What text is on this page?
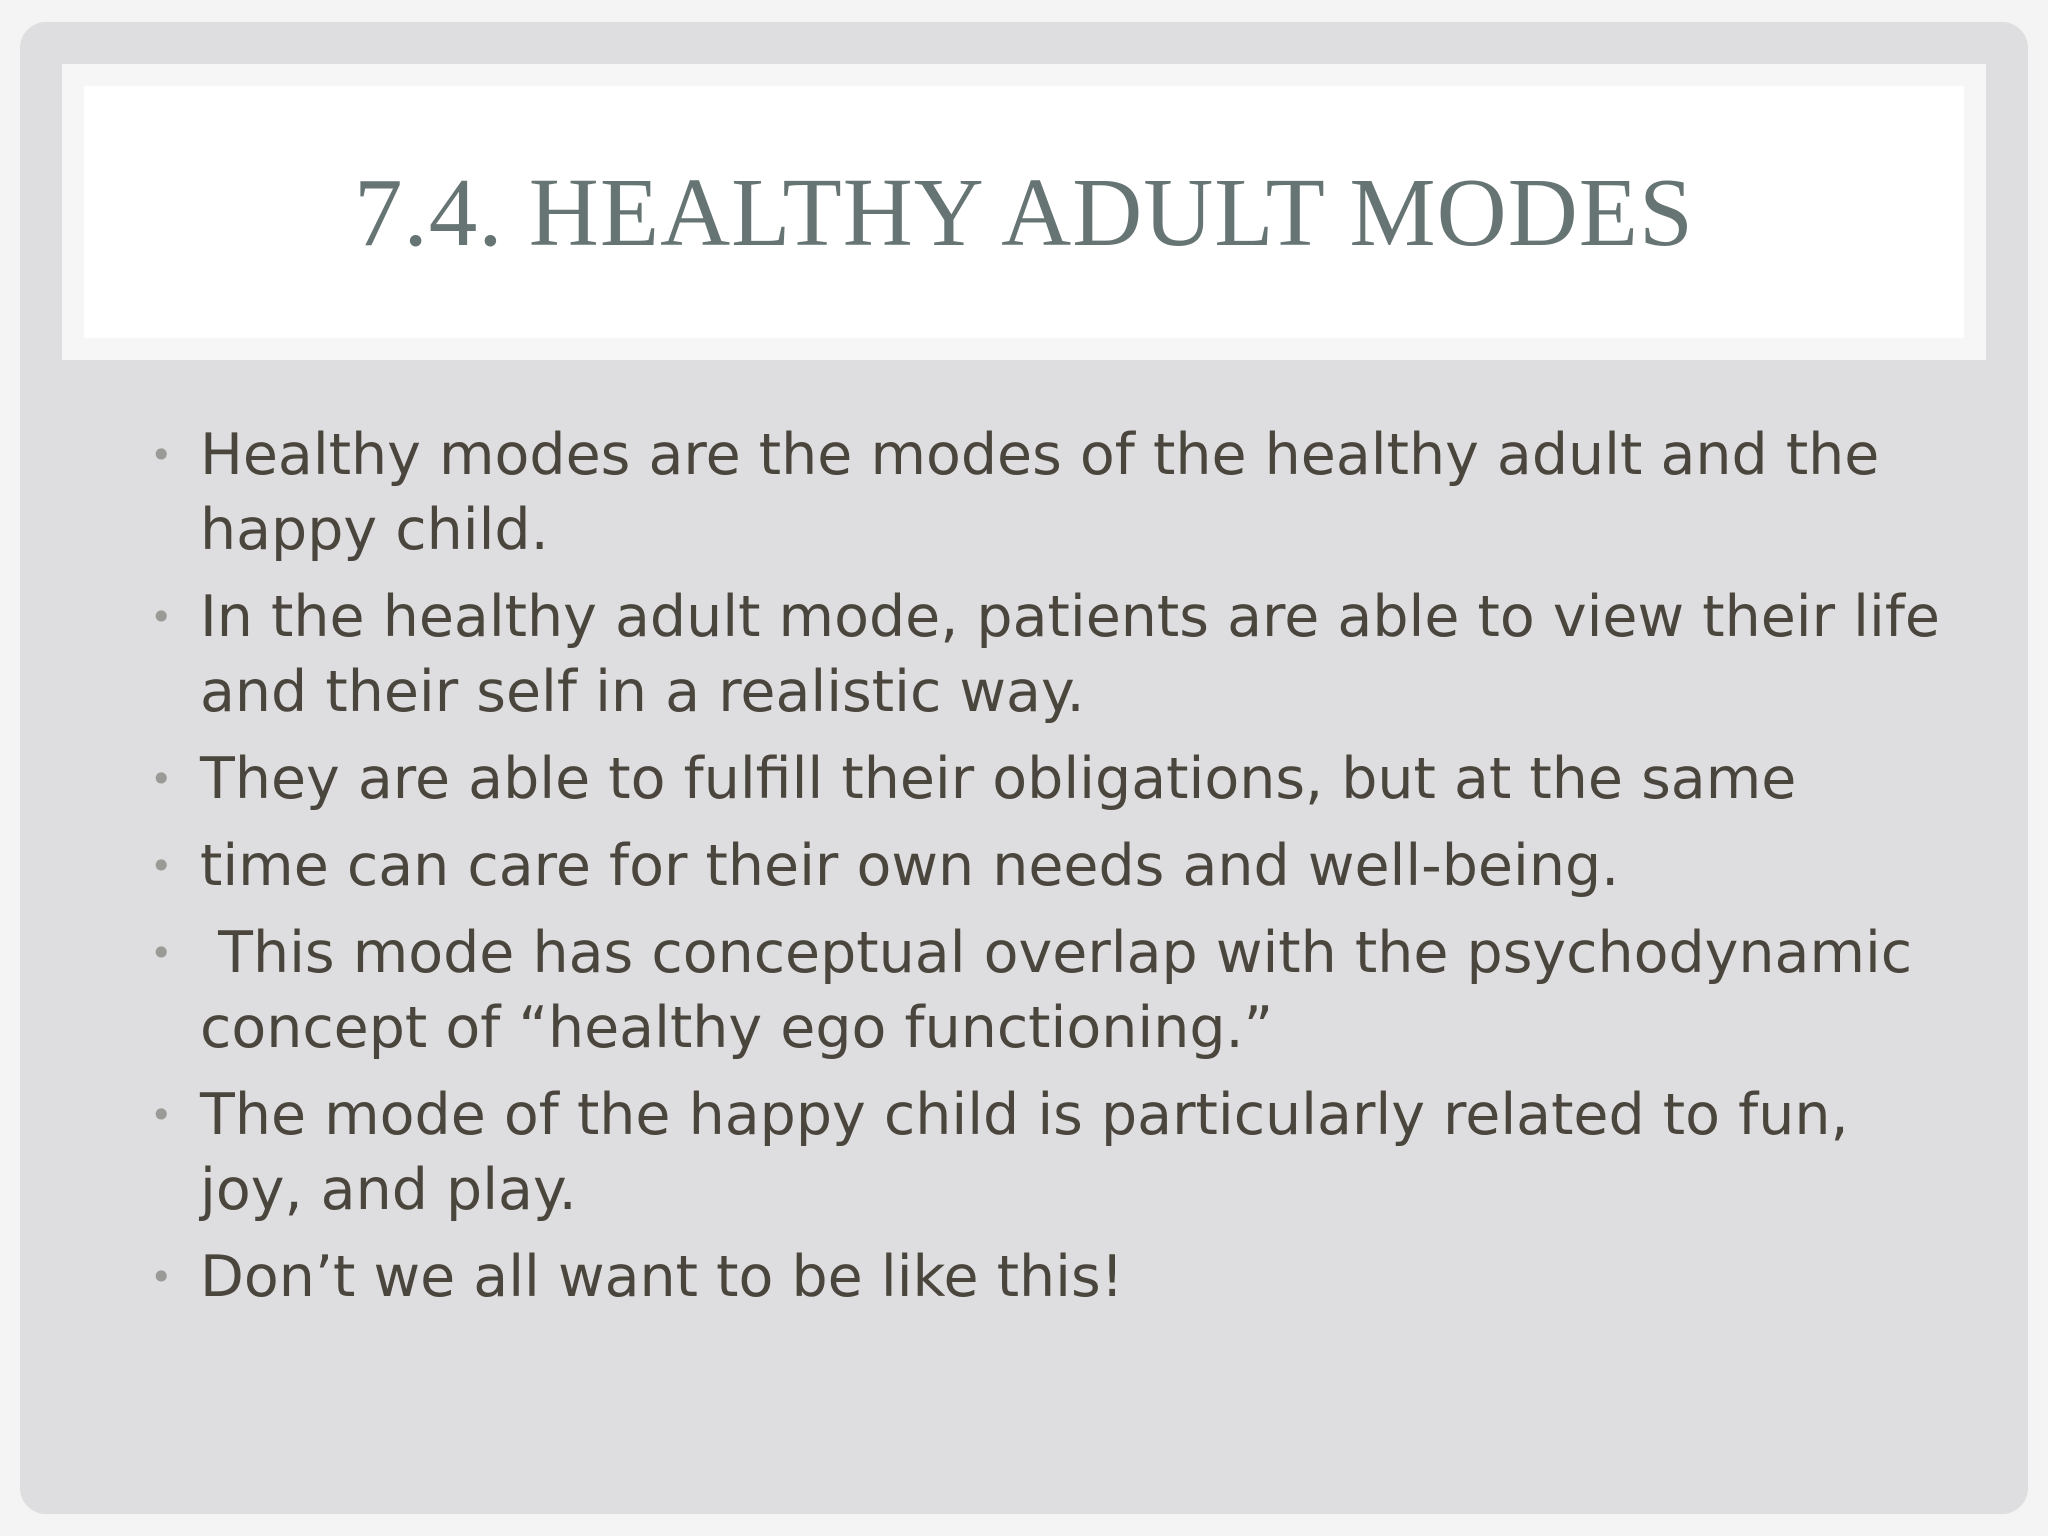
7.4. HEALTHY ADULT MODES
• Healthy modes are the modes of the healthy adult and the happy child.
• In the healthy adult mode, patients are able to view their life and their self in a realistic way.
• They are able to fulfill their obligations, but at the same
• time can care for their own needs and well-being.
• This mode has conceptual overlap with the psychodynamic concept of “healthy ego functioning.”
• The mode of the happy child is particularly related to fun, joy, and play.
• Don’t we all want to be like this!
